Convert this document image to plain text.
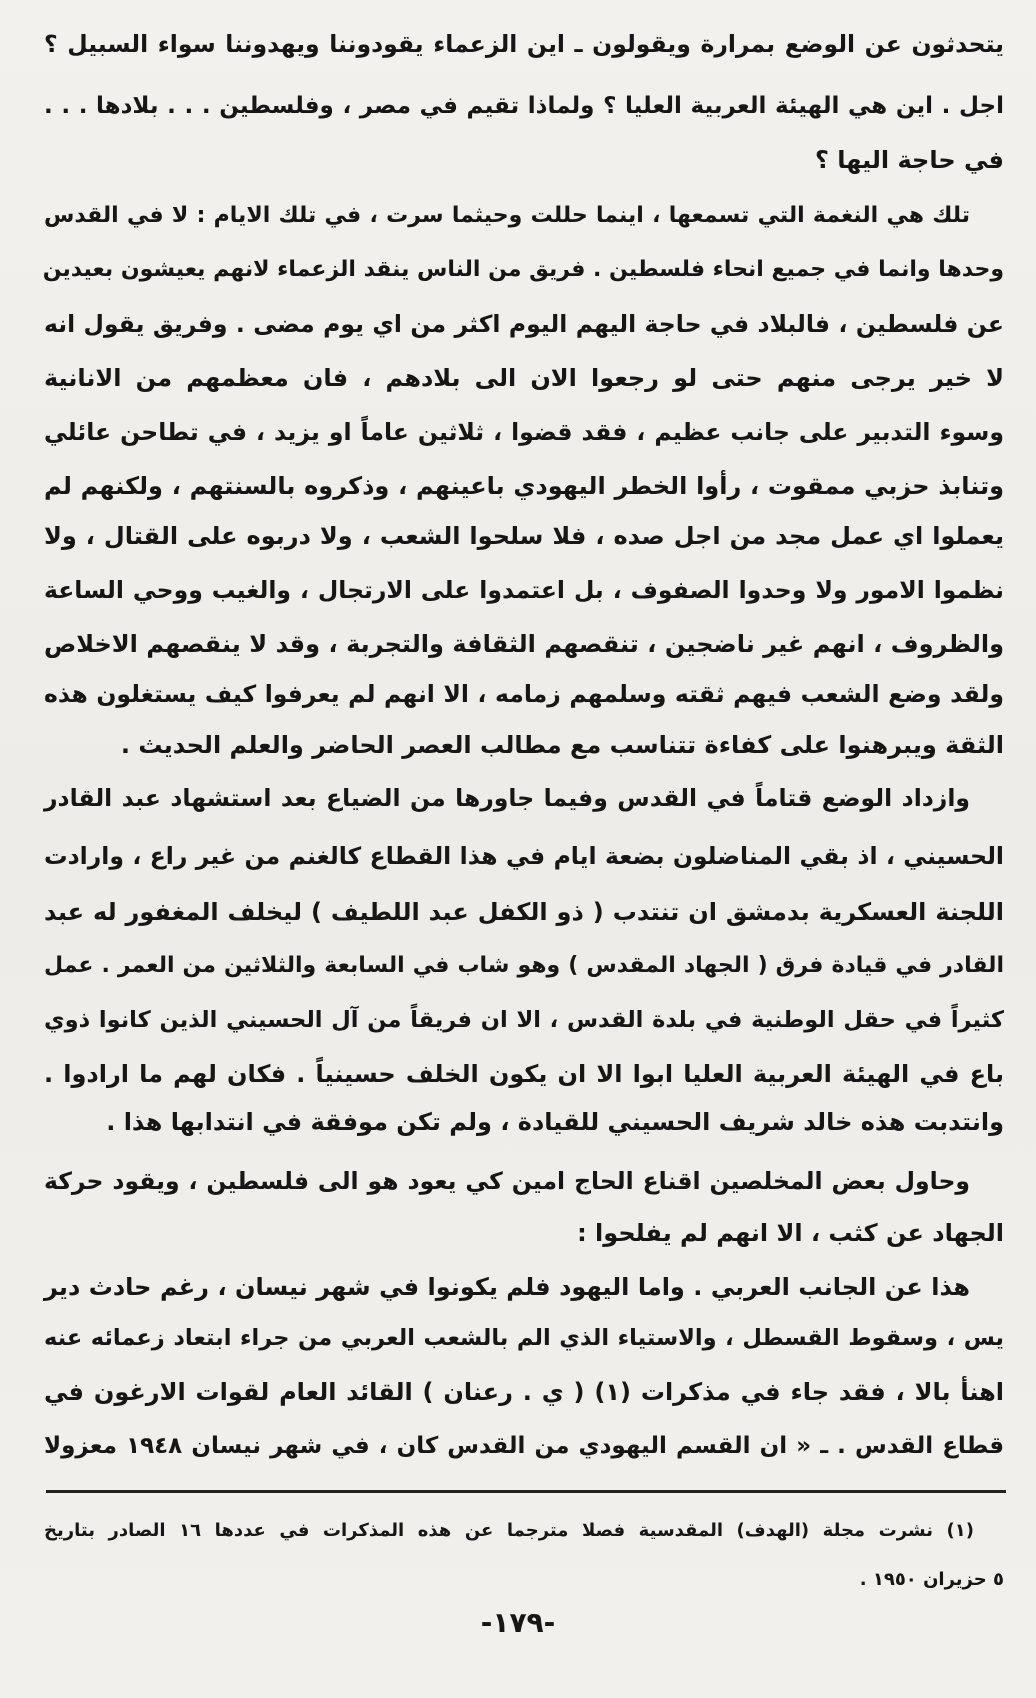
يتحدثون عن الوضع بمرارة ويقولون ـ اين الزعماء يقودوننا ويهدوننا سواء السبيل ؟
اجل . اين هي الهيئة العربية العليا ؟ ولماذا تقيم في مصر ، وفلسطين . . . بلادها . . .
في حاجة اليها ؟
تلك هي النغمة التي تسمعها ، اينما حللت وحيثما سرت ، في تلك الايام : لا في القدس
وحدها وانما في جميع انحاء فلسطين . فريق من الناس ينقد الزعماء لانهم يعيشون بعيدين
عن فلسطين ، فالبلاد في حاجة اليهم اليوم اكثر من اي يوم مضى . وفريق يقول انه
لا خير يرجى منهم حتى لو رجعوا الان الى بلادهم ، فان معظمهم من الانانية
وسوء التدبير على جانب عظيم ، فقد قضوا ، ثلاثين عاماً او يزيد ، في تطاحن عائلي
وتنابذ حزبي ممقوت ، رأوا الخطر اليهودي باعينهم ، وذكروه بالسنتهم ، ولكنهم لم
يعملوا اي عمل مجد من اجل صده ، فلا سلحوا الشعب ، ولا دربوه على القتال ، ولا
نظموا الامور ولا وحدوا الصفوف ، بل اعتمدوا على الارتجال ، والغيب ووحي الساعة
والظروف ، انهم غير ناضجين ، تنقصهم الثقافة والتجربة ، وقد لا ينقصهم الاخلاص
ولقد وضع الشعب فيهم ثقته وسلمهم زمامه ، الا انهم لم يعرفوا كيف يستغلون هذه
الثقة ويبرهنوا على كفاءة تتناسب مع مطالب العصر الحاضر والعلم الحديث .
وازداد الوضع قتاماً في القدس وفيما جاورها من الضياع بعد استشهاد عبد القادر
الحسيني ، اذ بقي المناضلون بضعة ايام في هذا القطاع كالغنم من غير راع ، وارادت
اللجنة العسكرية بدمشق ان تنتدب ( ذو الكفل عبد اللطيف ) ليخلف المغفور له عبد
القادر في قيادة فرق ( الجهاد المقدس ) وهو شاب في السابعة والثلاثين من العمر . عمل
كثيراً في حقل الوطنية في بلدة القدس ، الا ان فريقاً من آل الحسيني الذين كانوا ذوي
باع في الهيئة العربية العليا ابوا الا ان يكون الخلف حسينياً . فكان لهم ما ارادوا .
وانتدبت هذه خالد شريف الحسيني للقيادة ، ولم تكن موفقة في انتدابها هذا .
وحاول بعض المخلصين اقناع الحاج امين كي يعود هو الى فلسطين ، ويقود حركة
الجهاد عن كثب ، الا انهم لم يفلحوا :
هذا عن الجانب العربي . واما اليهود فلم يكونوا في شهر نيسان ، رغم حادث دير
يس ، وسقوط القسطل ، والاستياء الذي الم بالشعب العربي من جراء ابتعاد زعمائه عنه
اهنأ بالا ، فقد جاء في مذكرات (١) ( ي . رعنان ) القائد العام لقوات الارغون في
قطاع القدس . ـ « ان القسم اليهودي من القدس كان ، في شهر نيسان ١٩٤٨ معزولا
(١) نشرت مجلة (الهدف) المقدسية فصلا مترجما عن هذه المذكرات في عددها ١٦ الصادر بتاريخ
٥ حزيران ١٩٥٠ .
-١٧٩-
